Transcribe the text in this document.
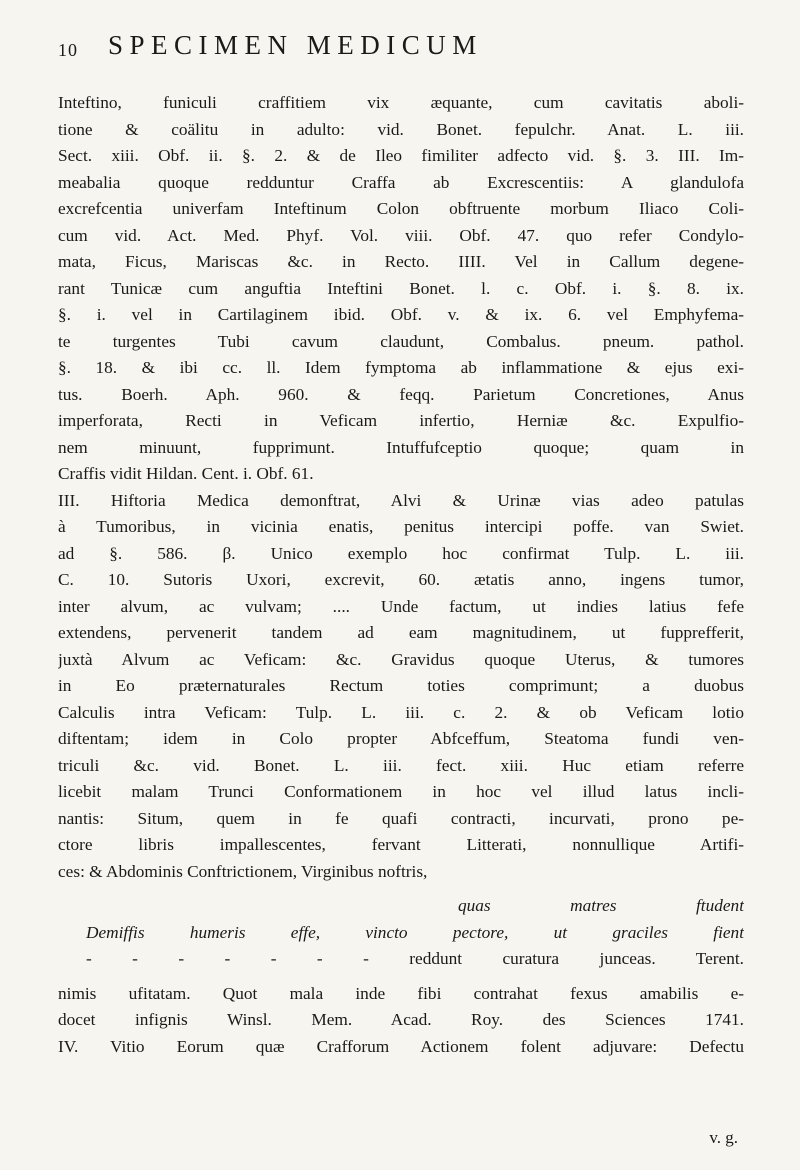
10 SPECIMEN MEDICUM

Inteftino, funiculi craffitiem vix æquante, cum cavitatis aboli-

tione & coälitu in adulto: vid. Bonet. fepulchr. Anat. L. iii.

Sect. xiii. Obf. ii. §. 2. & de Ileo fimiliter adfecto vid. §. 3. III. Im-

meabalia quoque redduntur Craffa ab Excrescentiis: A glandulofa

excrefcentia univerfam Inteftinum Colon obftruente morbum Iliaco Coli-

cum vid. Act. Med. Phyf. Vol. viii. Obf. 47. quo refer Condylo-

mata, Ficus, Mariscas &c. in Recto. IIII. Vel in Callum degene-

rant Tunicæ cum anguftia Inteftini Bonet. l. c. Obf. i. §. 8. ix.

§. i. vel in Cartilaginem ibid. Obf. v. & ix. 6. vel Emphyfema-

te turgentes Tubi cavum claudunt, Combalus. pneum. pathol.

§. 18. & ibi cc. ll. Idem fymptoma ab inflammatione & ejus exi-

tus. Boerh. Aph. 960. & feqq. Parietum Concretiones, Anus

imperforata, Recti in Veficam infertio, Herniæ &c. Expulfio-

nem minuunt, fupprimunt. Intuffufceptio quoque; quam in

Craffis vidit Hildan. Cent. i. Obf. 61.

III. Hiftoria Medica demonftrat, Alvi & Urinæ vias adeo patulas

à Tumoribus, in vicinia enatis, penitus intercipi poffe. van Swiet.

ad §. 586. β. Unico exemplo hoc confirmat Tulp. L. iii.

C. 10. Sutoris Uxori, excrevit, 60. ætatis anno, ingens tumor,

inter alvum, ac vulvam; .... Unde factum, ut indies latius fefe

extendens, pervenerit tandem ad eam magnitudinem, ut fupprefferit,

juxtà Alvum ac Veficam: &c. Gravidus quoque Uterus, & tumores

in Eo præternaturales Rectum toties comprimunt; a duobus

Calculis intra Veficam: Tulp. L. iii. c. 2. & ob Veficam lotio

diftentam; idem in Colo propter Abfceffum, Steatoma fundi ven-

triculi &c. vid. Bonet. L. iii. fect. xiii. Huc etiam referre

licebit malam Trunci Conformationem in hoc vel illud latus incli-

nantis: Situm, quem in fe quafi contracti, incurvati, prono pe-

ctore libris impallescentes, fervant Litterati, nonnullique Artifi-

ces: & Abdominis Conftrictionem, Virginibus noftris,

quas matres ftudent

Demiffis humeris effe, vincto pectore, ut graciles fient

- - - - - - - reddunt curatura junceas. Terent.

nimis ufitatam. Quot mala inde fibi contrahat fexus amabilis e-

docet infignis Winsl. Mem. Acad. Roy. des Sciences 1741.

IV. Vitio Eorum quæ Crafforum Actionem folent adjuvare: Defectu

v. g.
